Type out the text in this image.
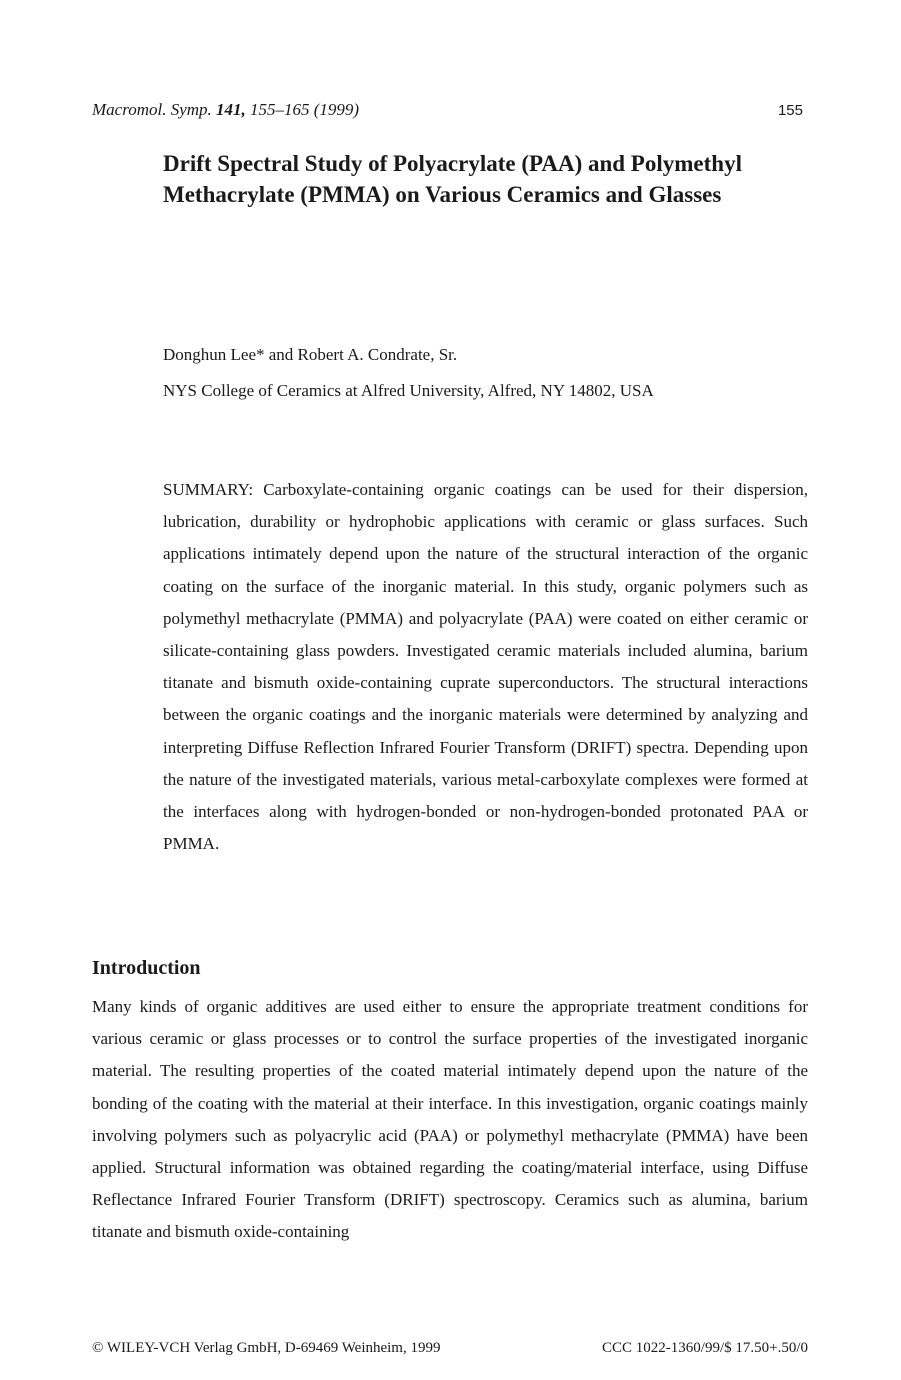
Macromol. Symp. 141, 155–165 (1999)	155
Drift Spectral Study of Polyacrylate (PAA) and Polymethyl Methacrylate (PMMA) on Various Ceramics and Glasses
Donghun Lee* and Robert A. Condrate, Sr.
NYS College of Ceramics at Alfred University, Alfred, NY 14802, USA

SUMMARY: Carboxylate-containing organic coatings can be used for their dispersion, lubrication, durability or hydrophobic applications with ceramic or glass surfaces. Such applications intimately depend upon the nature of the structural interaction of the organic coating on the surface of the inorganic material. In this study, organic polymers such as polymethyl methacrylate (PMMA) and polyacrylate (PAA) were coated on either ceramic or silicate-containing glass powders. Investigated ceramic materials included alumina, barium titanate and bismuth oxide-containing cuprate superconductors. The structural interactions between the organic coatings and the inorganic materials were determined by analyzing and interpreting Diffuse Reflection Infrared Fourier Transform (DRIFT) spectra. Depending upon the nature of the investigated materials, various metal-carboxylate complexes were formed at the interfaces along with hydrogen-bonded or non-hydrogen-bonded protonated PAA or PMMA.

Introduction

Many kinds of organic additives are used either to ensure the appropriate treatment conditions for various ceramic or glass processes or to control the surface properties of the investigated inorganic material. The resulting properties of the coated material intimately depend upon the nature of the bonding of the coating with the material at their interface. In this investigation, organic coatings mainly involving polymers such as polyacrylic acid (PAA) or polymethyl methacrylate (PMMA) have been applied. Structural information was obtained regarding the coating/material interface, using Diffuse Reflectance Infrared Fourier Transform (DRIFT) spectroscopy. Ceramics such as alumina, barium titanate and bismuth oxide-containing

© WILEY-VCH Verlag GmbH, D-69469 Weinheim, 1999	CCC 1022-1360/99/$ 17.50+.50/0
